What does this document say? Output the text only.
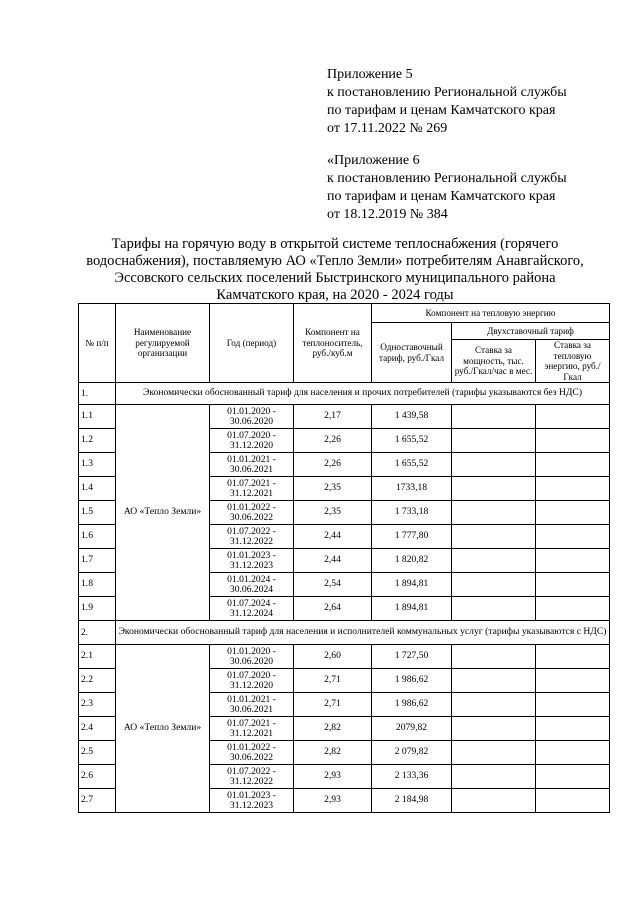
Приложение 5
к постановлению Региональной службы
по тарифам и ценам Камчатского края
от 17.11.2022 № 269
«Приложение 6
к постановлению Региональной службы
по тарифам и ценам Камчатского края
от 18.12.2019 № 384
Тарифы на горячую воду в открытой системе теплоснабжения (горячего
водоснабжения), поставляемую АО «Тепло Земли» потребителям Анавгайского,
Эссовского сельских поселений Быстринского муниципального района
Камчатского края, на 2020 - 2024 годы
№ п/п	Наименование регулируемой организации	Год (период)	Компонент на теплоноситель, руб./куб.м	Компонент на тепловую энергию		
				Одноставочный тариф, руб./Гкал	Двухставочный тариф	
					Ставка за мощность, тыс. руб./Гкал/час в мес.	Ставка за тепловую энергию, руб./Гкал
1.	Экономически обоснованный тариф для населения и прочих потребителей (тарифы указываются без НДС)					
1.1	АО «Тепло Земли»	01.01.2020 - 30.06.2020	2,17	1 439,58		
1.2		01.07.2020 - 31.12.2020	2,26	1 655,52		
1.3		01.01.2021 - 30.06.2021	2,26	1 655,52		
1.4		01.07.2021 - 31.12.2021	2,35	1733,18		
1.5		01.01.2022 - 30.06.2022	2,35	1 733,18		
1.6		01.07.2022 - 31.12.2022	2,44	1 777,80		
1.7		01.01.2023 - 31.12.2023	2,44	1 820,82		
1.8		01.01.2024 - 30.06.2024	2,54	1 894,81		
1.9		01.07.2024 - 31.12.2024	2,64	1 894,81		
2.	Экономически обоснованный тариф для населения и исполнителей коммунальных услуг (тарифы указываются с НДС)					
2.1	АО «Тепло Земли»	01.01.2020 - 30.06.2020	2,60	1 727,50		
2.2		01.07.2020 - 31.12.2020	2,71	1 986,62		
2.3		01.01.2021 - 30.06.2021	2,71	1 986,62		
2.4		01.07.2021 - 31.12.2021	2,82	2079,82		
2.5		01.01.2022 - 30.06.2022	2,82	2 079,82		
2.6		01.07.2022 - 31.12.2022	2,93	2 133,36		
2.7		01.01.2023 - 31.12.2023	2,93	2 184,98		
